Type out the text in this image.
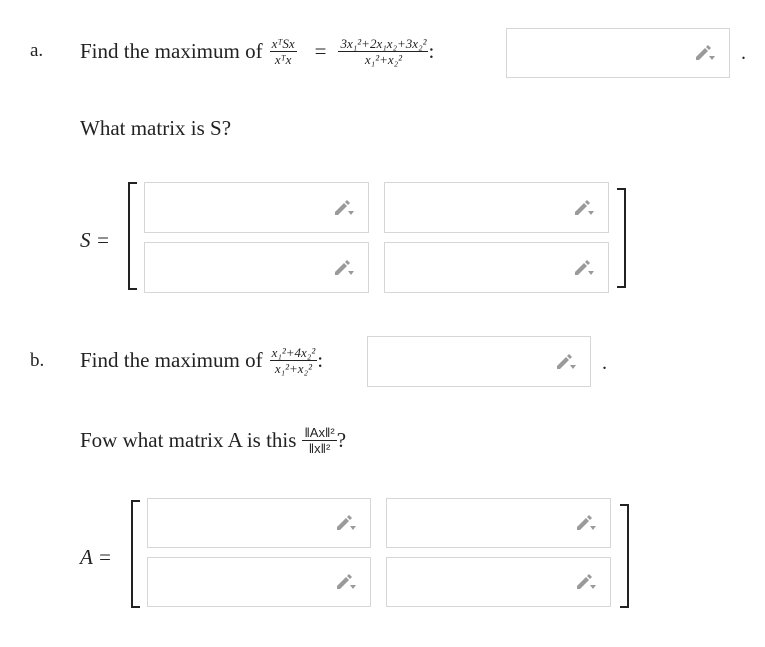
a. Find the maximum of $\frac{\text{xᵀSx}}{\text{xᵀx}} = \frac{\text{3x₁²+2x₁x₂+3x₂²}}{\text{x₁²+x₂²}}$ :	.
What matrix is S?
S =
b. Find the maximum of $\frac{\text{x₁²+4x₂²}}{\text{x₁²+x₂²}}$ :	.
Fow what matrix A is this $\frac{\text{‖Ax‖²}}{\text{‖x‖²}}$ ?
A =
